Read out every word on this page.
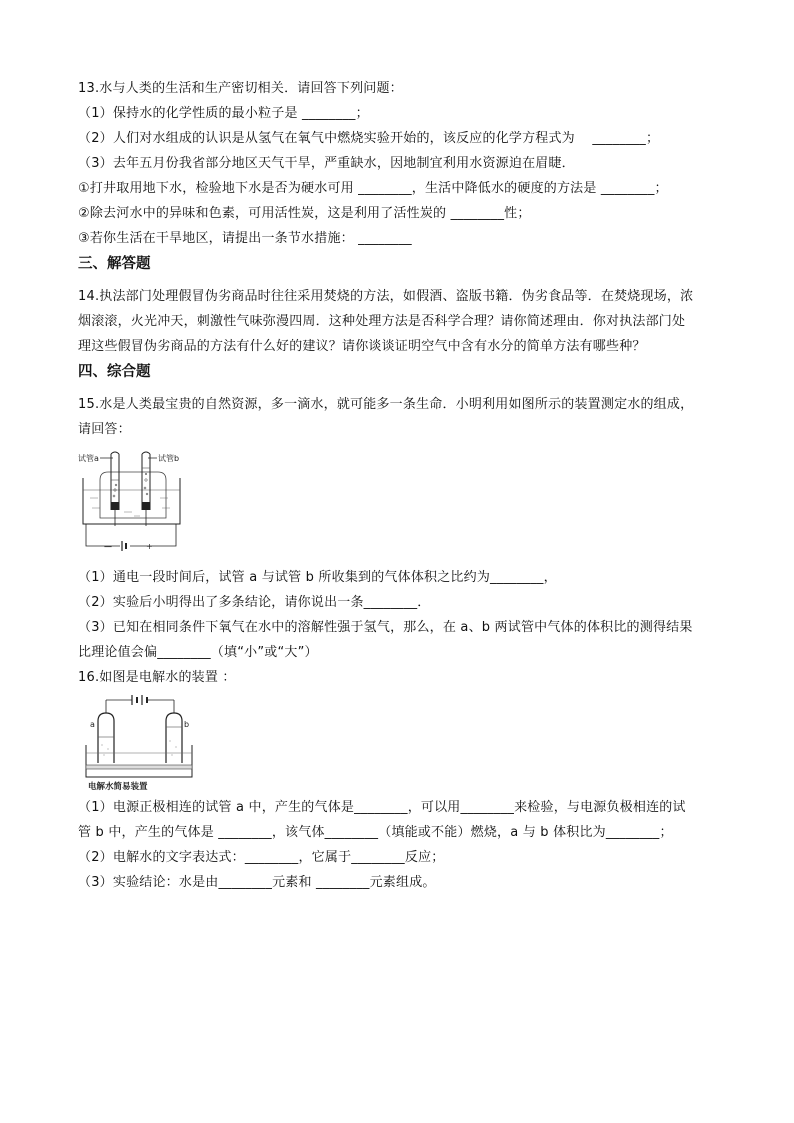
13.水与人类的生活和生产密切相关．请回答下列问题：
（1）保持水的化学性质的最小粒子是 ________；
（2）人们对水组成的认识是从氢气在氧气中燃烧实验开始的，该反应的化学方程式为　 ________；
（3）去年五月份我省部分地区天气干旱，严重缺水，因地制宜利用水资源迫在眉睫．
①打井取用地下水，检验地下水是否为硬水可用 ________，生活中降低水的硬度的方法是 ________；
②除去河水中的异味和色素，可用活性炭，这是利用了活性炭的 ________性；
③若你生活在干旱地区，请提出一条节水措施： ________
三、解答题
14.执法部门处理假冒伪劣商品时往往采用焚烧的方法，如假酒、盗版书籍．伪劣食品等．在焚烧现场，浓
烟滚滚，火光冲天，刺激性气味弥漫四周．这种处理方法是否科学合理？请你简述理由．你对执法部门处
理这些假冒伪劣商品的方法有什么好的建议？请你谈谈证明空气中含有水分的简单方法有哪些种？
四、综合题
15.水是人类最宝贵的自然资源，多一滴水，就可能多一条生命．小明利用如图所示的装置测定水的组成，
请回答：
试管a	试管b
—	+
（1）通电一段时间后，试管 a 与试管 b 所收集到的气体体积之比约为________，
（2）实验后小明得出了多条结论，请你说出一条________．
（3）已知在相同条件下氧气在水中的溶解性强于氢气，那么，在 a、b 两试管中气体的体积比的测得结果
比理论值会偏________（填“小”或“大”）
16.如图是电解水的装置 ：
a	b
电解水简易装置
（1）电源正极相连的试管 a 中，产生的气体是________，可以用________来检验，与电源负极相连的试
管 b 中，产生的气体是 ________，该气体________（填能或不能）燃烧，a 与 b 体积比为________；
（2）电解水的文字表达式：________，它属于________反应；
（3）实验结论：水是由________元素和 ________元素组成。
